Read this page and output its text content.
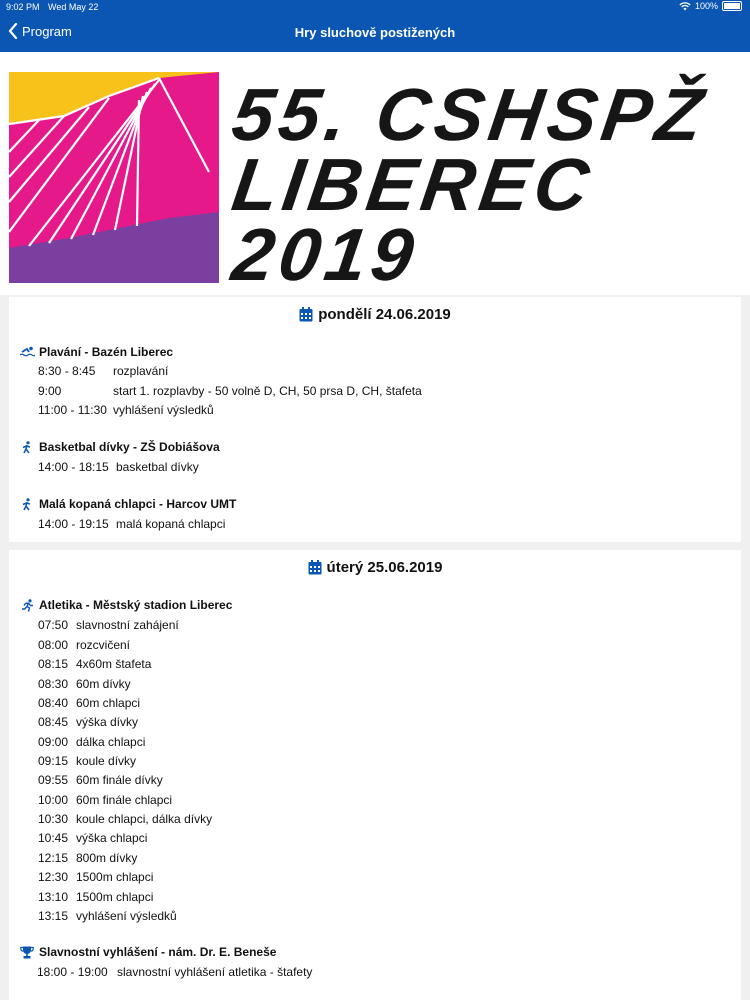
9:02 PM Wed May 22	100%
Program	Hry sluchově postižených
55. CSHSPŽ
LIBEREC
2019
pondělí 24.06.2019
Plavání - Bazén Liberec
8:30 - 8:45 rozplavání
9:00	start 1. rozplavby - 50 volně D, CH, 50 prsa D, CH, štafeta
11:00 - 11:30 vyhlášení výsledků
Basketbal dívky - ZŠ Dobiášova
14:00 - 18:15 basketbal dívky
Malá kopaná chlapci - Harcov UMT
14:00 - 19:15 malá kopaná chlapci
úterý 25.06.2019
Atletika - Městský stadion Liberec
07:50 slavnostní zahájení
08:00 rozcvičení
08:15 4x60m štafeta
08:30 60m dívky
08:40 60m chlapci
08:45 výška dívky
09:00 dálka chlapci
09:15 koule dívky
09:55 60m finále dívky
10:00 60m finále chlapci
10:30 koule chlapci, dálka dívky
10:45 výška chlapci
12:15 800m dívky
12:30 1500m chlapci
13:10 1500m chlapci
13:15 vyhlášení výsledků
Slavnostní vyhlášení - nám. Dr. E. Beneše
18:00 - 19:00 slavnostní vyhlášení atletika - štafety
